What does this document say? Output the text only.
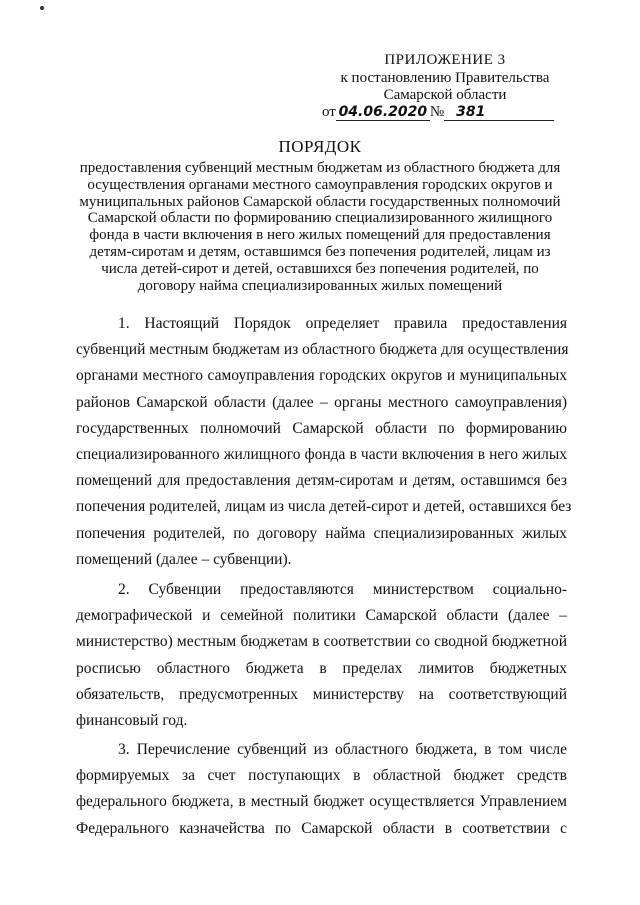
ПРИЛОЖЕНИЕ 3
к постановлению Правительства
Самарской области
от 04.06.2020 № 381
ПОРЯДОК
предоставления субвенций местным бюджетам из областного бюджета для
осуществления органами местного самоуправления городских округов и
муниципальных районов Самарской области государственных полномочий
Самарской области по формированию специализированного жилищного
фонда в части включения в него жилых помещений для предоставления
детям-сиротам и детям, оставшимся без попечения родителей, лицам из
числа детей-сирот и детей, оставшихся без попечения родителей, по
договору найма специализированных жилых помещений
1. Настоящий Порядок определяет правила предоставления
субвенций местным бюджетам из областного бюджета для осуществления
органами местного самоуправления городских округов и муниципальных
районов Самарской области (далее – органы местного самоуправления)
государственных полномочий Самарской области по формированию
специализированного жилищного фонда в части включения в него жилых
помещений для предоставления детям-сиротам и детям, оставшимся без
попечения родителей, лицам из числа детей-сирот и детей, оставшихся без
попечения родителей, по договору найма специализированных жилых
помещений (далее – субвенции).
2. Субвенции предоставляются министерством социально-
демографической и семейной политики Самарской области (далее –
министерство) местным бюджетам в соответствии со сводной бюджетной
росписью областного бюджета в пределах лимитов бюджетных
обязательств, предусмотренных министерству на соответствующий
финансовый год.
3. Перечисление субвенций из областного бюджета, в том числе
формируемых за счет поступающих в областной бюджет средств
федерального бюджета, в местный бюджет осуществляется Управлением
Федерального казначейства по Самарской области в соответствии с
